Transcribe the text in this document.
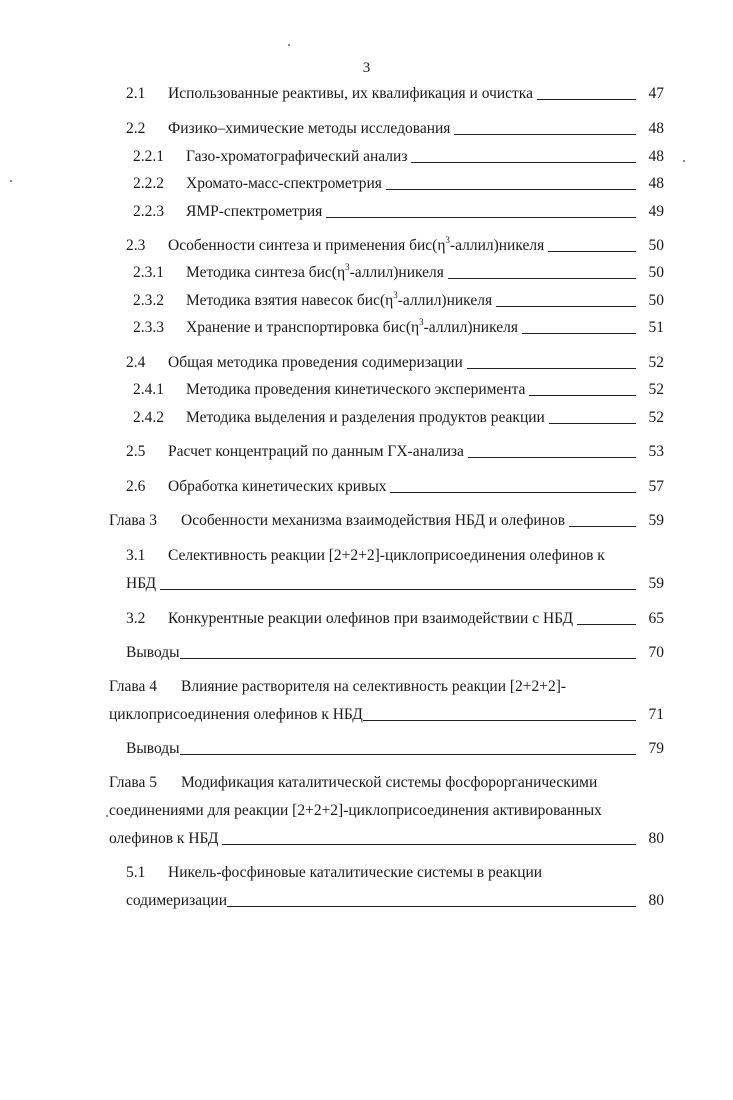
3
2.1	Использованные реактивы, их квалификация и очистка	47
2.2	Физико–химические методы исследования	48
2.2.1	Газо-хроматографический анализ	48
2.2.2	Хромато-масс-спектрометрия	48
2.2.3	ЯМР-спектрометрия	49
2.3	Особенности синтеза и применения $бис(\eta^3-аллил)никеля$	50
2.3.1	Методика синтеза $бис(\eta^3-аллил)никеля$	50
2.3.2	Методика взятия навесок $бис(\eta^3-аллил)никеля$	50
2.3.3	Хранение и транспортировка $бис(\eta^3-аллил)никеля$	51
2.4	Общая методика проведения содимеризации	52
2.4.1	Методика проведения кинетического эксперимента	52
2.4.2	Методика выделения и разделения продуктов реакции	52
2.5	Расчет концентраций по данным ГХ-анализа	53
2.6	Обработка кинетических кривых	57
Глава 3	Особенности механизма взаимодействия НБД и олефинов	59
3.1 Селективность реакции [2+2+2]-циклоприсоединения олефинов к
НБД	59
3.2	Конкурентные реакции олефинов при взаимодействии с НБД	65
Выводы	70
Глава 4 Влияние растворителя на селективность реакции [2+2+2]-
циклоприсоединения олефинов к НБД	71
Выводы	79
Глава 5 Модификация каталитической системы фосфорорганическими
соединениями для реакции [2+2+2]-циклоприсоединения активированных
олефинов к НБД	80
5.1 Никель-фосфиновые каталитические системы в реакции
содимеризации	80
